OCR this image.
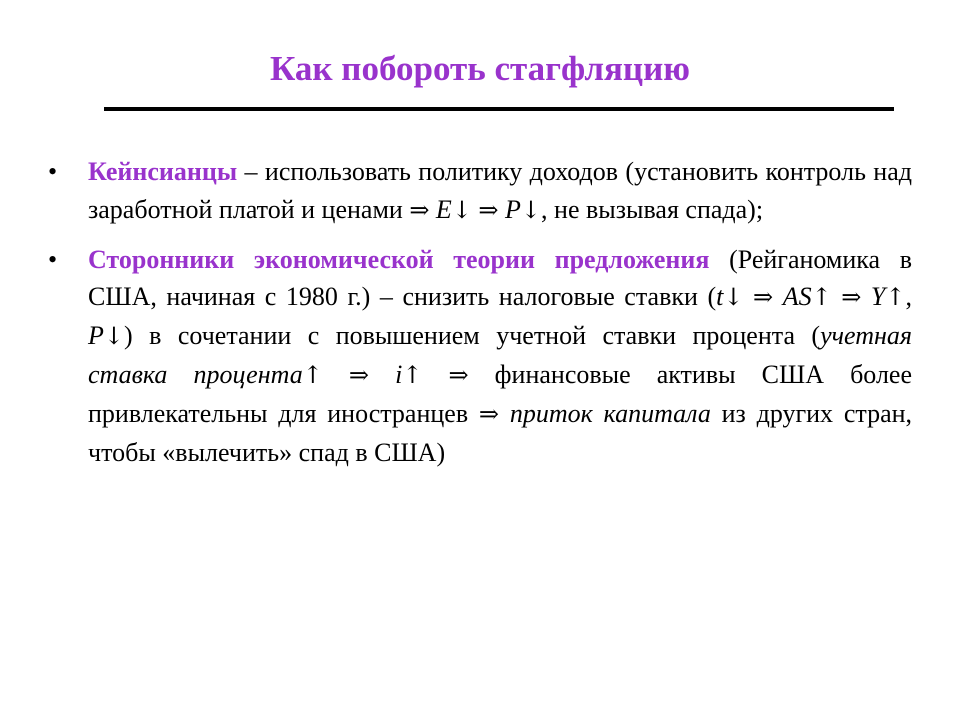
Как побороть стагфляцию
• Кейнсианцы – использовать политику доходов (установить контроль над заработной платой и ценами ⇒ E↓ ⇒ P↓, не вызывая спада);
• Сторонники экономической теории предложения (Рейганомика в США, начиная с 1980 г.) – снизить налоговые ставки (t↓ ⇒ AS↑ ⇒ Y↑, P↓) в сочетании с повышением учетной ставки процента (учетная ставка процента↑ ⇒ i↑ ⇒ финансовые активы США более привлекательны для иностранцев ⇒ приток капитала из других стран, чтобы «вылечить» спад в США)
